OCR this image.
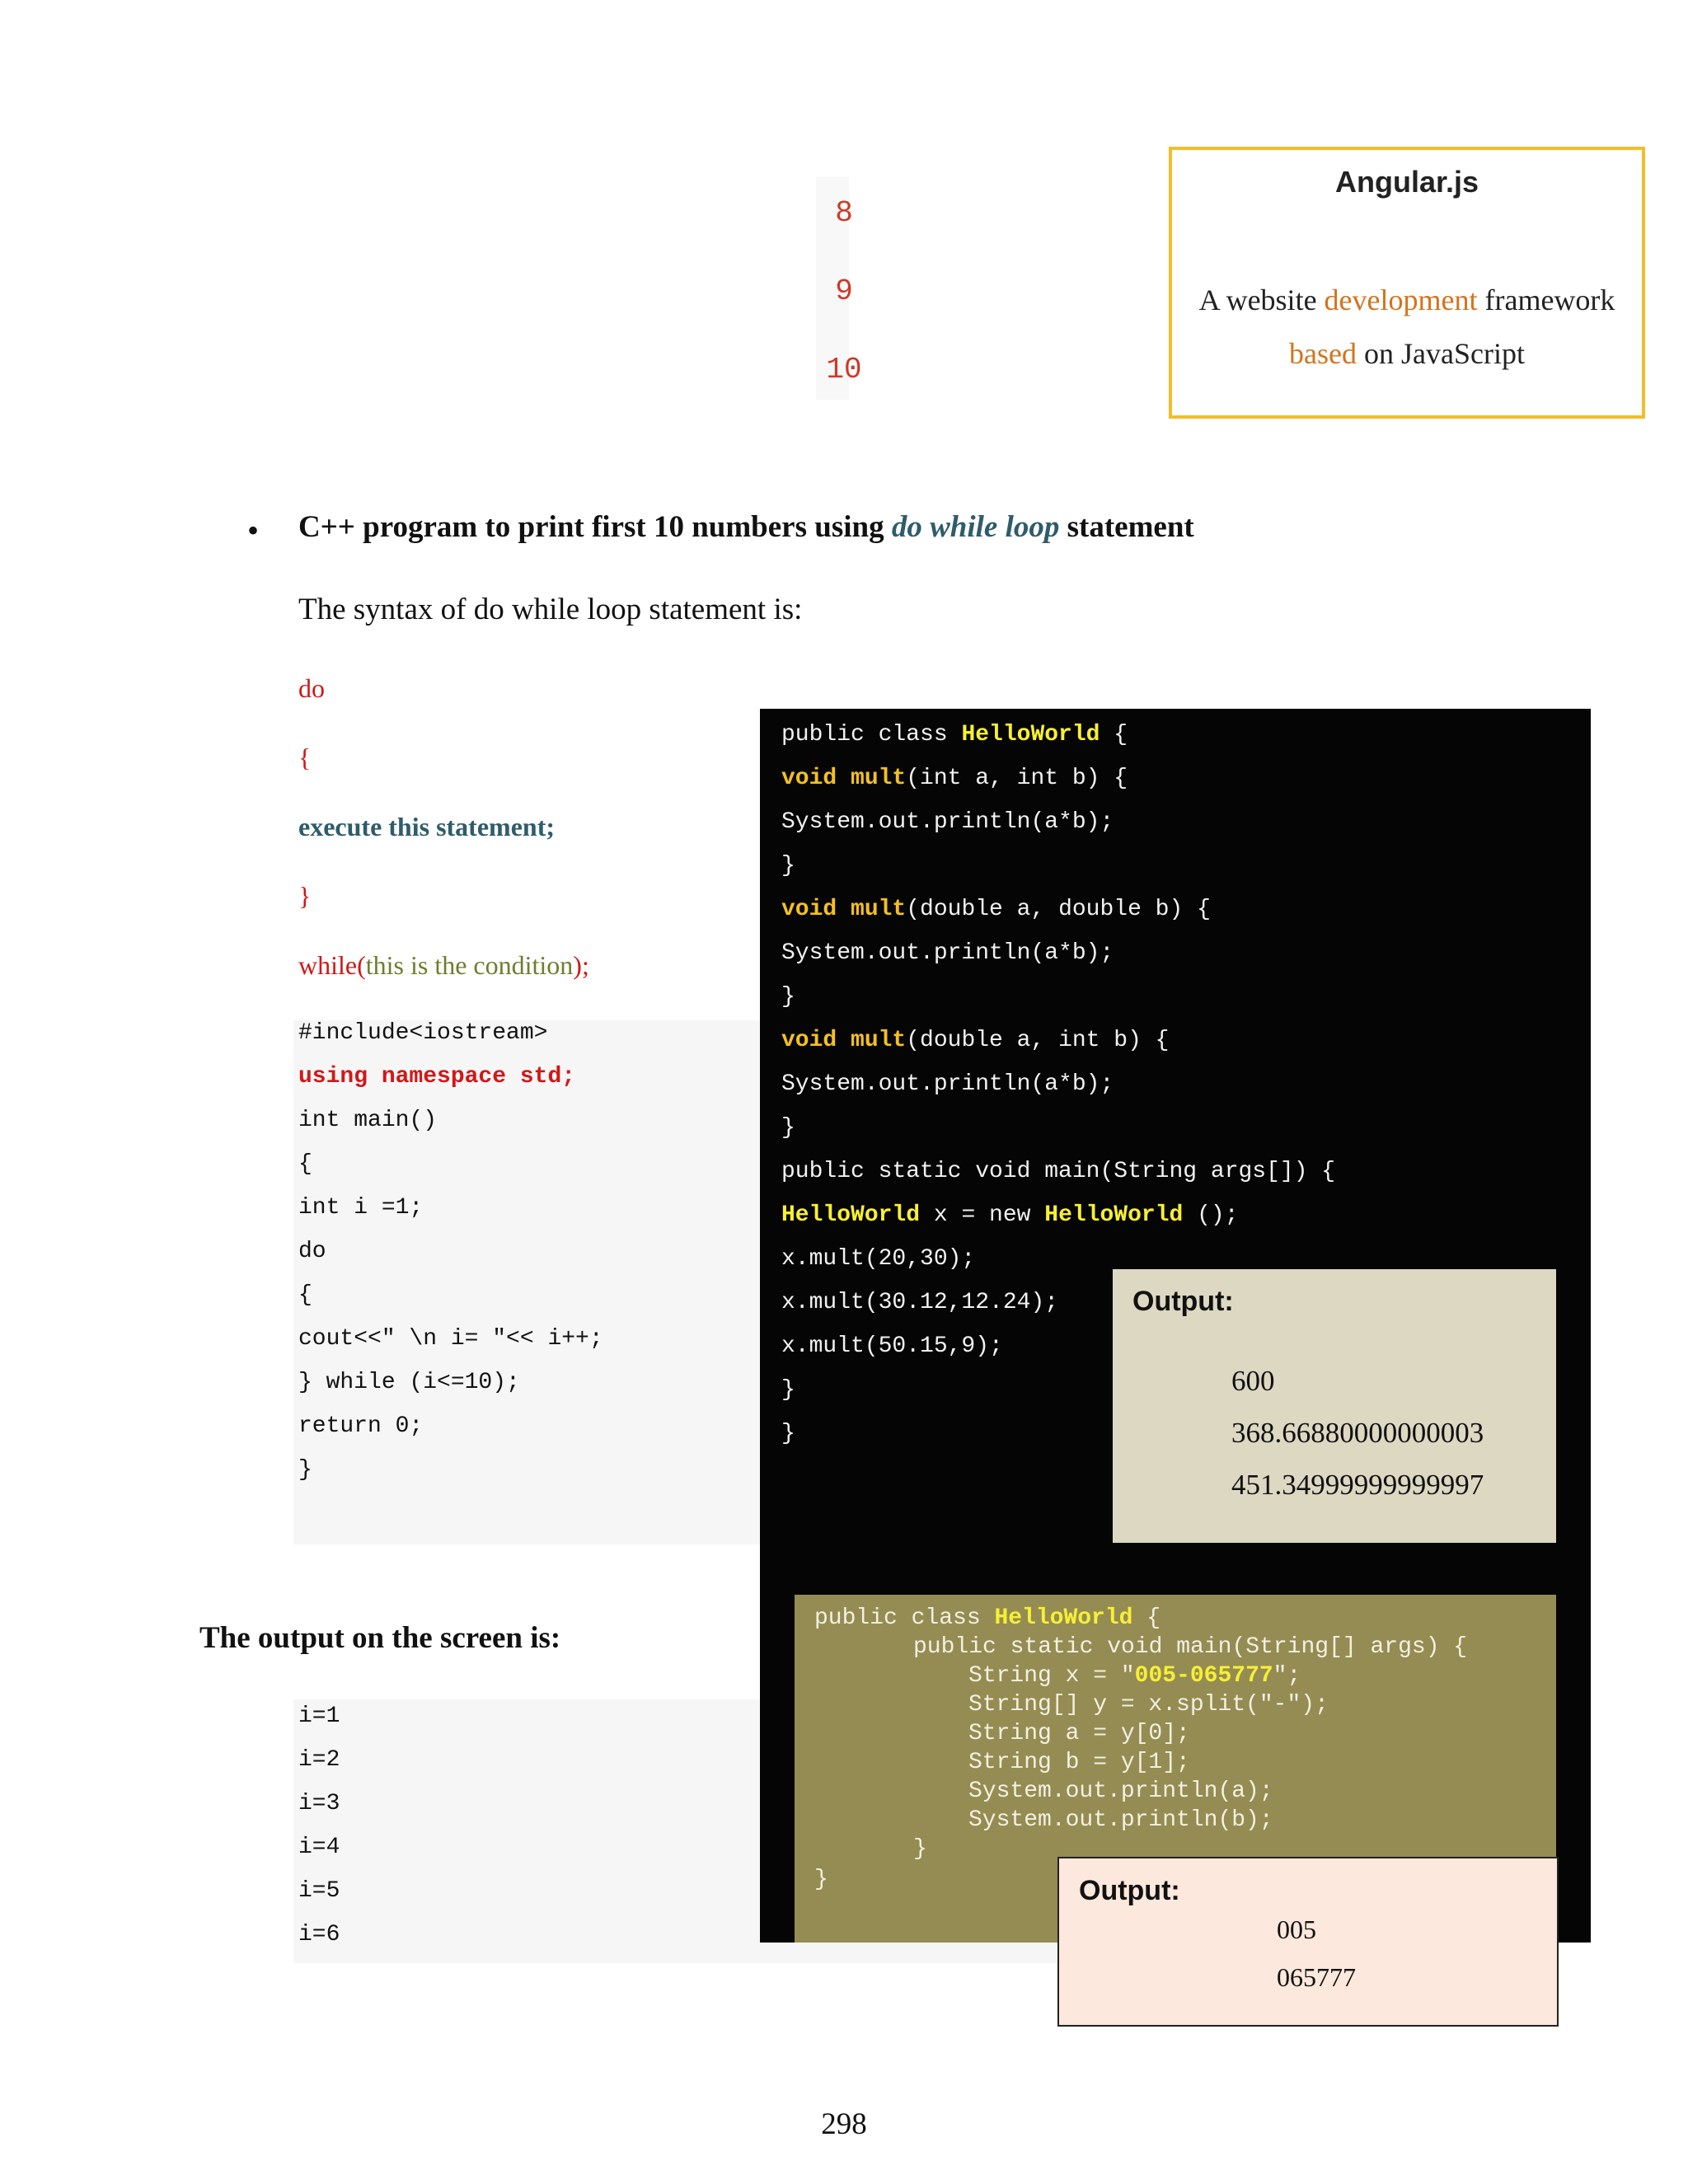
8
9
10
Angular.js
A website development framework
based on JavaScript
• C++ program to print first 10 numbers using do while loop statement
The syntax of do while loop statement is:
do
{
execute this statement;
}
while(this is the condition);
#include<iostream>
using namespace std;
int main()
{
int i =1;
do
{
cout<<" \n i= "<< i++;
} while (i<=10);
return 0;
}
The output on the screen is:
i=1
i=2
i=3
i=4
i=5
i=6
public class HelloWorld {
void mult(int a, int b) {
System.out.println(a*b);
}
void mult(double a, double b) {
System.out.println(a*b);
}
void mult(double a, int b) {
System.out.println(a*b);
}
public static void main(String args[]) {
HelloWorld x = new HelloWorld ();
x.mult(20,30);
x.mult(30.12,12.24);
x.mult(50.15,9);
}
}
Output:
600
368.66880000000003
451.34999999999997
public class HelloWorld {
public static void main(String[] args) {
String x = "005-065777";
String[] y = x.split("-");
String a = y[0];
String b = y[1];
System.out.println(a);
System.out.println(b);
}
}	Output:
005
065777
298
